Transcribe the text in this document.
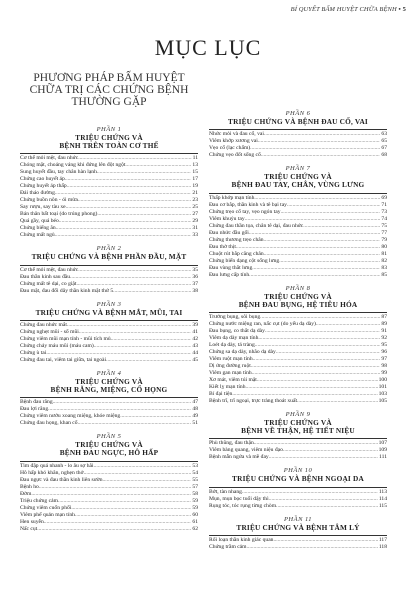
BÍ QUYẾT BẤM HUYỆT CHỮA BỆNH • 5
MỤC LỤC
PHƯƠNG PHÁP BẤM HUYỆT
CHỮA TRỊ CÁC CHỨNG BỆNH
THƯỜNG GẶP
PHẦN 1
TRIỆU CHỨNG VÀ
BỆNH TRÊN TOÀN CƠ THỂ
Cơ thể mỏi mệt, đau nhức .....	11
Chóng mặt, choáng váng khi đứng lên đột ngột .....	13
Sung huyết đầu, tay chân hàn lạnh .....	15
Chứng cao huyết áp .....	17
Chứng huyết áp thấp .....	19
Đái tháo đường .....	21
Chứng buồn nôn - ói mửa .....	23
Say rượu, say tàu xe .....	25
Bán thân bất toại (do trúng phong) .....	27
Quá gầy, quá béo .....	29
Chứng biếng ăn .....	31
Chứng mất ngủ .....	33
PHẦN 2
TRIỆU CHỨNG VÀ BỆNH PHẦN ĐẦU, MẶT
Cơ thể mỏi mệt, đau nhức .....	35
Đau thần kinh sau đầu .....	36
Chứng mất tê dại, co giật .....	37
Đau mặt, đau đối dây thần kinh mặt thứ 5 .....	38
PHẦN 3
TRIỆU CHỨNG VÀ BỆNH MẮT, MŨI, TAI
Chứng đau nhức mắt .....	39
Chứng nghẹt mũi - sổ mũi .....	41
Chứng viêm mũi mạn tính - mũi tích mủ .....	42
Chứng chảy máu mũi (máu cam) .....	43
Chứng ù tai .....	44
Chứng đau tai, viêm tai giữa, tai ngoài .....	45
PHẦN 4
TRIỆU CHỨNG VÀ
BỆNH RĂNG, MIỆNG, CỔ HỌNG
Bệnh đau răng .....	47
Đau lợi răng .....	48
Chứng viêm nướu xoang miệng, khóe miệng .....	49
Chứng đau họng, khan cổ .....	51
PHẦN 5
TRIỆU CHỨNG VÀ
BỆNH ĐAU NGỰC, HÔ HẤP
Tim đập quá nhanh - lo âu sợ hãi .....	53
Hô hấp khó khăn, nghẹn thở .....	54
Đau ngực và đau thần kinh liên sườn .....	55
Bệnh ho .....	57
Đờm .....	58
Triệu chứng cảm .....	59
Chứng viêm cuốn phổi .....	59
Viêm phế quản mạn tính .....	60
Hen suyễn .....	61
Nấc cụt .....	62
PHẦN 6
TRIỆU CHỨNG VÀ BỆNH ĐAU CỔ, VAI
Nhức mỏi và đau cổ, vai .....	63
Viêm khớp xương vai .....	65
Vẹo cổ (lạc chẩm) .....	67
Chứng vẹo đốt sống cổ .....	68
PHẦN 7
TRIỆU CHỨNG VÀ
BỆNH ĐAU TAY, CHÂN, VÙNG LƯNG
Thấp khớp mạn tính .....	69
Đau cơ bắp, thần kinh và tê bại tay .....	71
Chứng trẹo cổ tay, vẹo ngón tay .....	73
Viêm khuỷu tay .....	74
Chứng đau thần tọa, chân tê dại, đau nhức .....	75
Đau nhức đầu gối .....	77
Chứng thương trẹo chân .....	79
Đau thờ thịt .....	80
Chuột rút bắp căng chân .....	81
Chứng biến dạng cột sống lưng .....	82
Đau vùng thắt lưng .....	83
Đau lưng cấp tính .....	85
PHẦN 8
TRIỆU CHỨNG VÀ
BỆNH ĐAU BỤNG, HỆ TIÊU HÓA
Trướng bụng, sôi bụng .....	87
Chứng nước miệng ran, nấc cụt (do yếu dạ dày) .....	89
Đau bụng, co thắt dạ dày .....	91
Viêm dạ dày mạn tính .....	92
Loét dạ dày, tá tràng .....	95
Chứng sa dạ dày, nhão dạ dày .....	96
Viêm ruột mạn tính .....	97
Dị ứng đường ruột .....	98
Viêm gan mạn tính .....	99
Xơ mát, viêm túi mật .....	100
Kiết lỵ mạn tính .....	101
Bí đại tiện .....	103
Bệnh trĩ, trĩ ngoại, trực tràng thoát xuất .....	105
PHẦN 9
TRIỆU CHỨNG VÀ
BỆNH VỀ THẬN, HỆ TIẾT NIỆU
Phù thũng, đau thận .....	107
Viêm bàng quang, viêm niệu đạo .....	109
Bệnh mẫn ngứa và mề đay .....	111
PHẦN 10
TRIỆU CHỨNG VÀ BỆNH NGOẠI DA
Bớt, tàn nhang .....	113
Mụn, mụn bọc tuổi dậy thì .....	114
Rụng tóc, tóc rụng từng chòm .....	115
PHẦN 11
TRIỆU CHỨNG VÀ BỆNH TÂM LÝ
Rối loạn thần kinh giác quan .....	117
Chứng trầm cảm .....	118
